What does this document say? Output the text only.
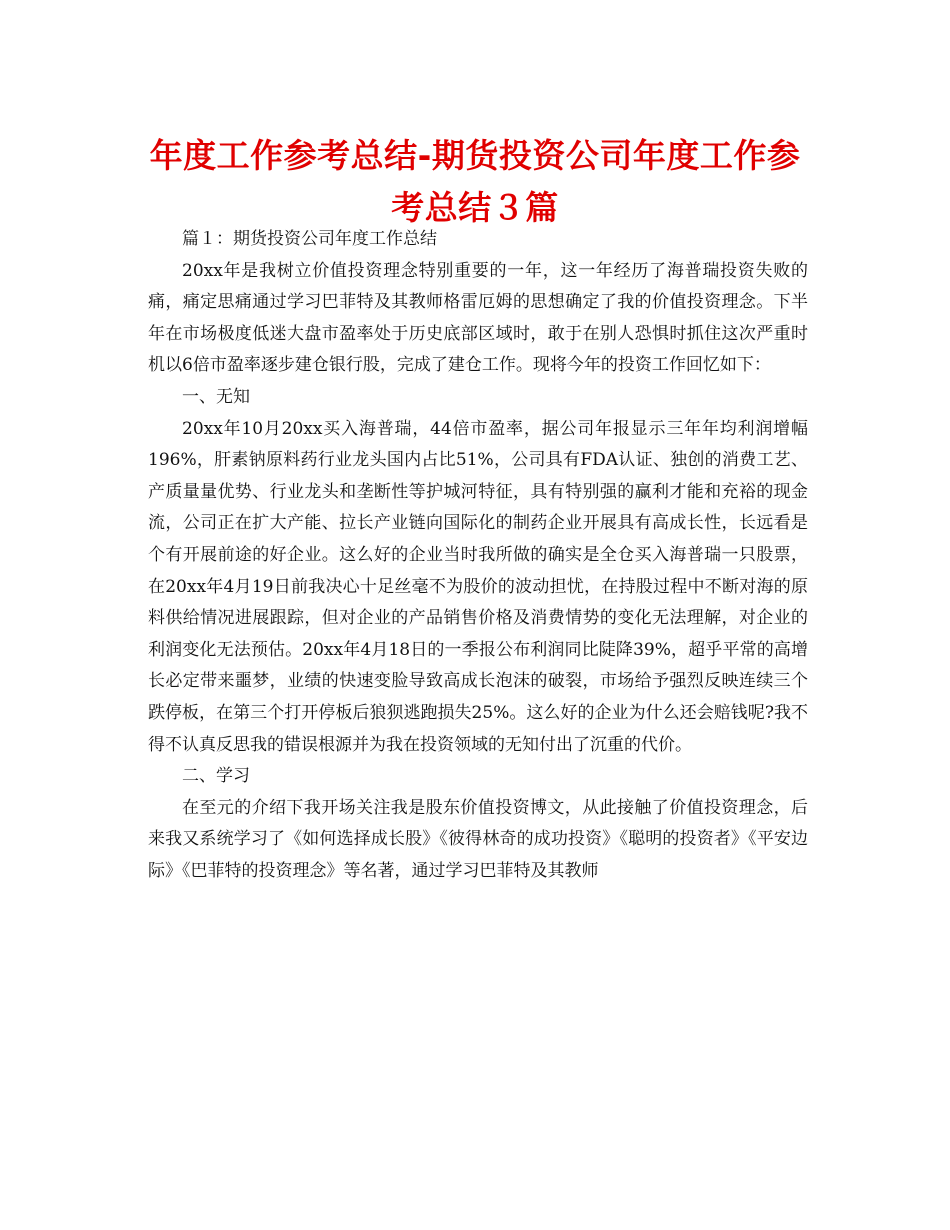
年度工作参考总结-期货投资公司年度工作参考总结３篇

篇１：期货投资公司年度工作总结

20xx年是我树立价值投资理念特别重要的一年，这一年经历了海普瑞投资失败的痛，痛定思痛通过学习巴菲特及其教师格雷厄姆的思想确定了我的价值投资理念。下半年在市场极度低迷大盘市盈率处于历史底部区域时，敢于在别人恐惧时抓住这次严重时机以6倍市盈率逐步建仓银行股，完成了建仓工作。现将今年的投资工作回忆如下：

一、无知

20xx年10月20xx买入海普瑞，44倍市盈率，据公司年报显示三年年均利润增幅196%，肝素钠原料药行业龙头国内占比51%，公司具有FDA认证、独创的消费工艺、产质量量优势、行业龙头和垄断性等护城河特征，具有特别强的赢利才能和充裕的现金流，公司正在扩大产能、拉长产业链向国际化的制药企业开展具有高成长性，长远看是个有开展前途的好企业。这么好的企业当时我所做的确实是全仓买入海普瑞一只股票，在20xx年4月19日前我决心十足丝毫不为股价的波动担忧，在持股过程中不断对海的原料供给情况进展跟踪，但对企业的产品销售价格及消费情势的变化无法理解，对企业的利润变化无法预估。20xx年4月18日的一季报公布利润同比陡降39%，超乎平常的高增长必定带来噩梦，业绩的快速变脸导致高成长泡沫的破裂，市场给予强烈反映连续三个跌停板，在第三个打开停板后狼狈逃跑损失25%。这么好的企业为什么还会赔钱呢?我不得不认真反思我的错误根源并为我在投资领域的无知付出了沉重的代价。

二、学习

在至元的介绍下我开场关注我是股东价值投资博文，从此接触了价值投资理念，后来我又系统学习了《如何选择成长股》《彼得林奇的成功投资》《聪明的投资者》《平安边际》《巴菲特的投资理念》等名著，通过学习巴菲特及其教师
